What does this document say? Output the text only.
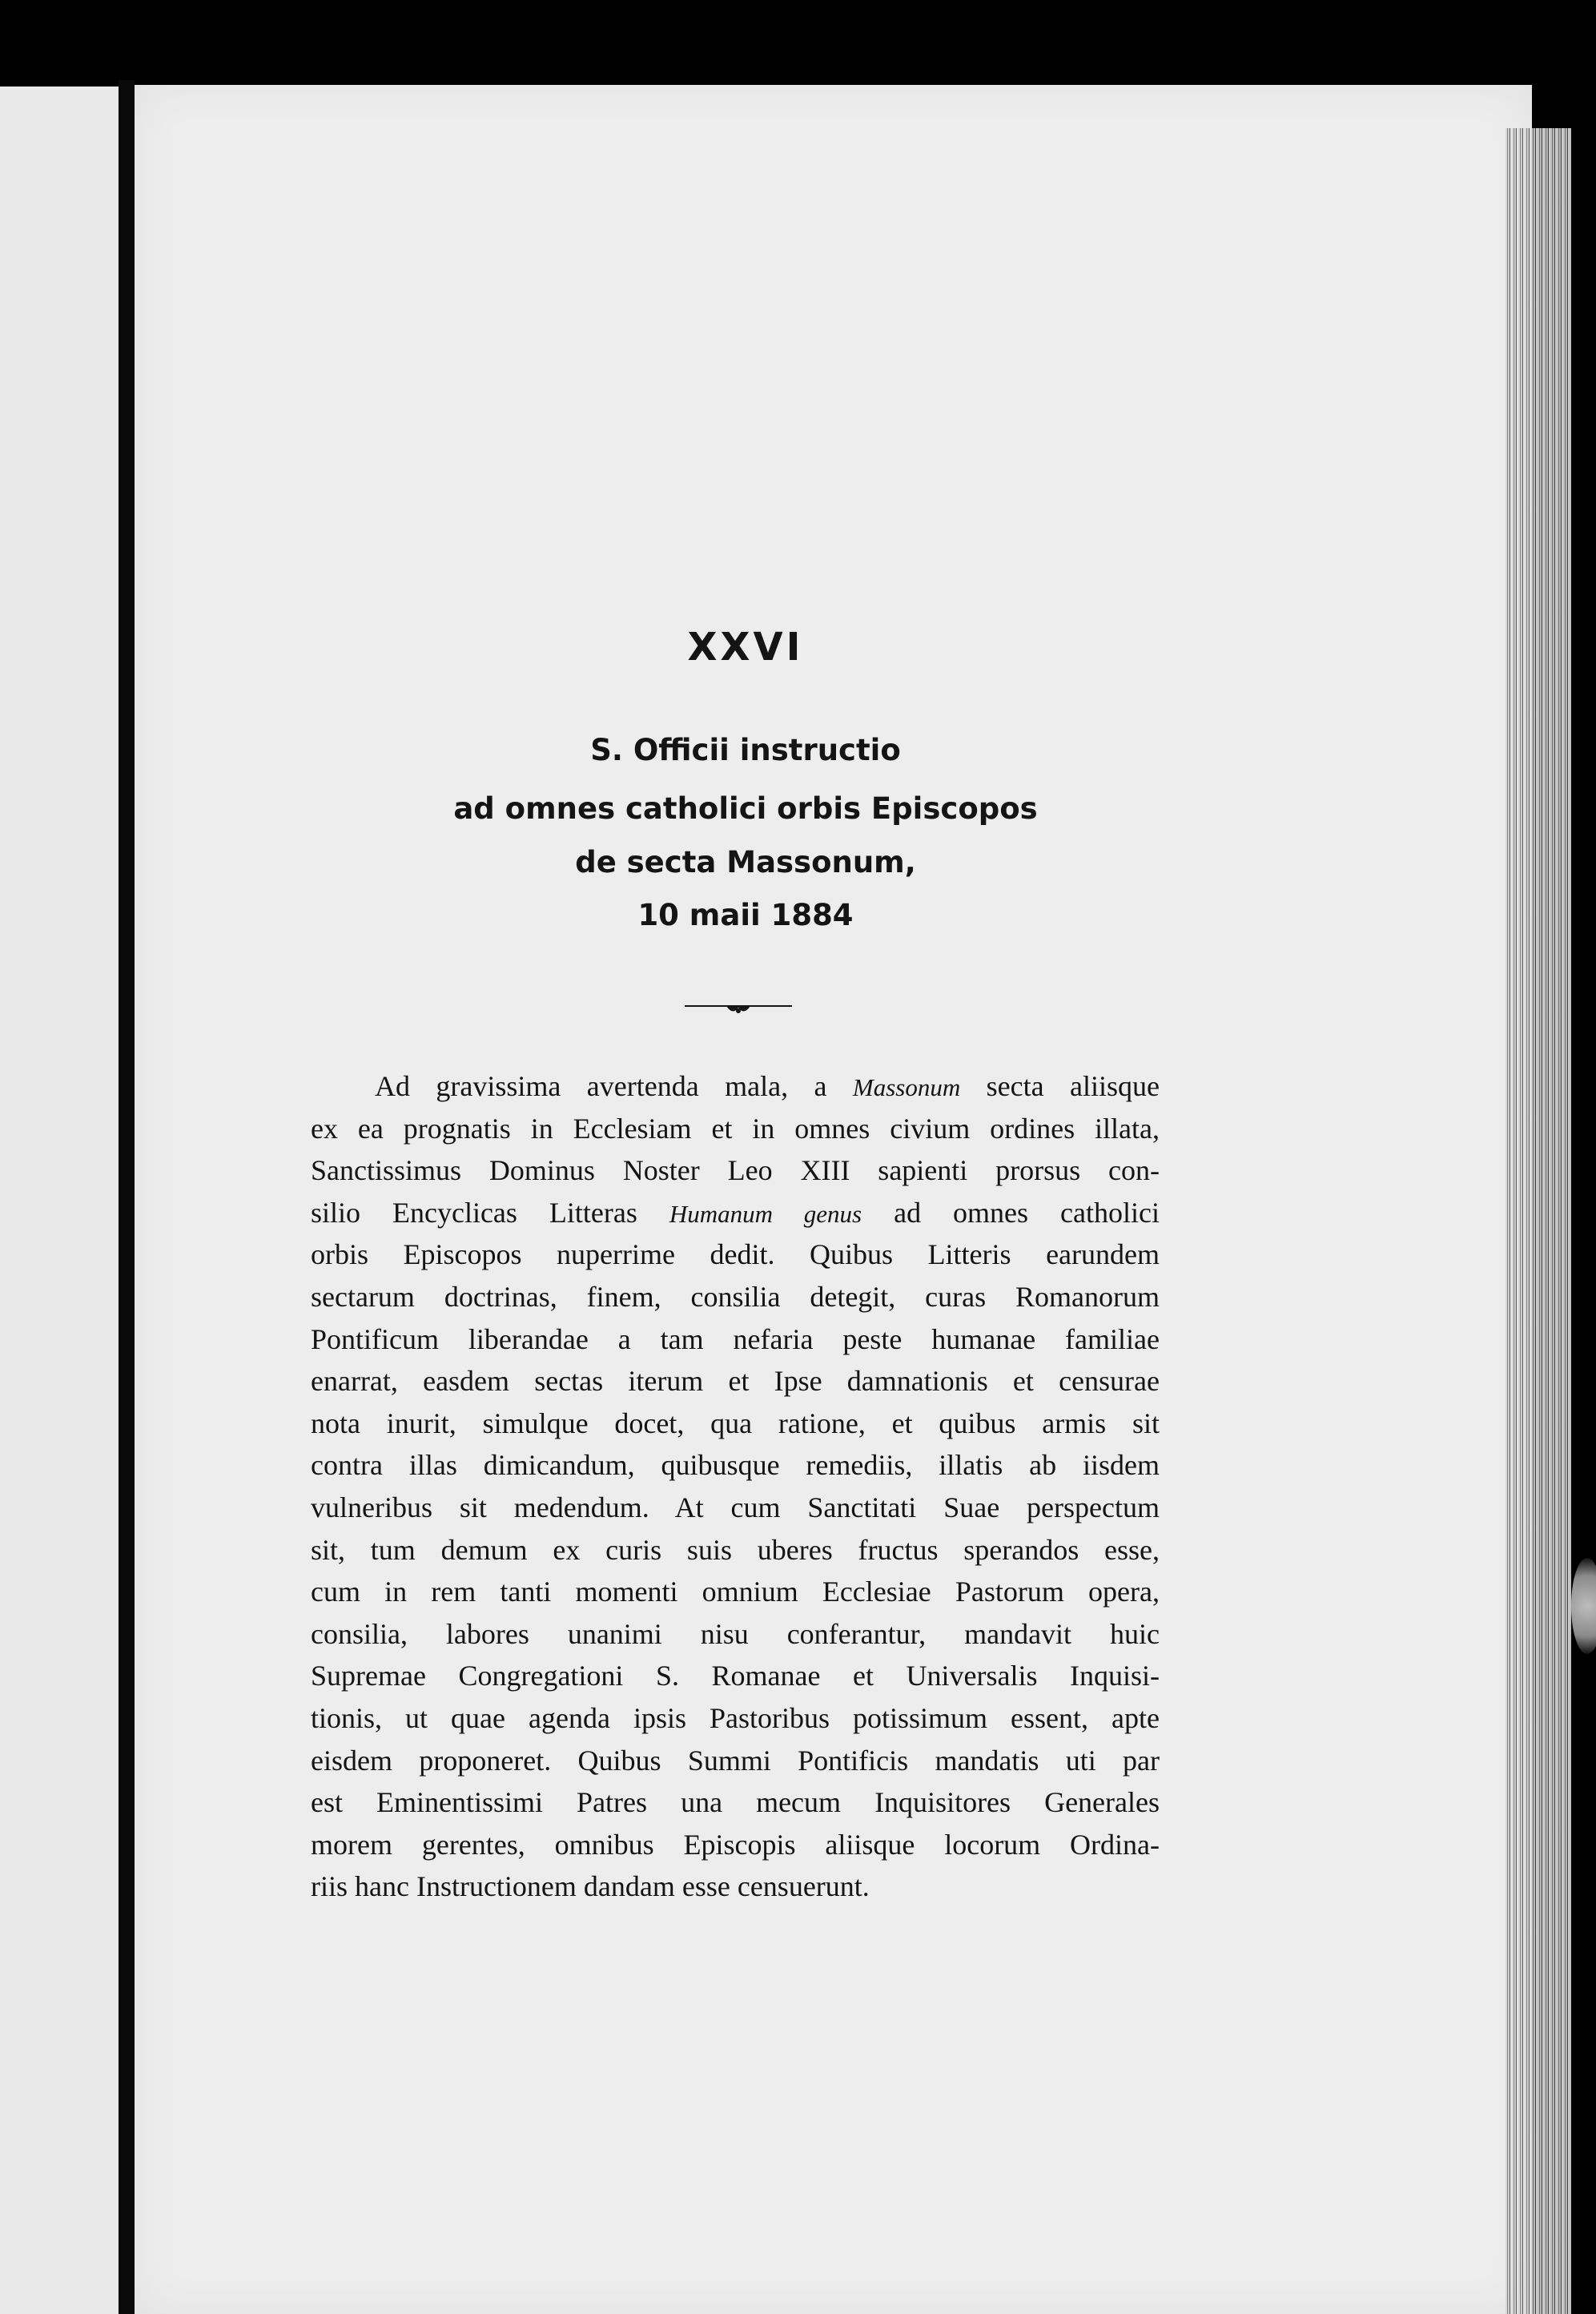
XXVI
S. Officii instructio
ad omnes catholici orbis Episcopos
de secta Massonum,
10 maii 1884
Ad gravissima avertenda mala, a Massonum secta aliisque
ex ea prognatis in Ecclesiam et in omnes civium ordines illata,
Sanctissimus Dominus Noster Leo XIII sapienti prorsus con-
silio Encyclicas Litteras Humanum genus ad omnes catholici
orbis Episcopos nuperrime dedit. Quibus Litteris earundem
sectarum doctrinas, finem, consilia detegit, curas Romanorum
Pontificum liberandae a tam nefaria peste humanae familiae
enarrat, easdem sectas iterum et Ipse damnationis et censurae
nota inurit, simulque docet, qua ratione, et quibus armis sit
contra illas dimicandum, quibusque remediis, illatis ab iisdem
vulneribus sit medendum. At cum Sanctitati Suae perspectum
sit, tum demum ex curis suis uberes fructus sperandos esse,
cum in rem tanti momenti omnium Ecclesiae Pastorum opera,
consilia, labores unanimi nisu conferantur, mandavit huic
Supremae Congregationi S. Romanae et Universalis Inquisi-
tionis, ut quae agenda ipsis Pastoribus potissimum essent, apte
eisdem proponeret. Quibus Summi Pontificis mandatis uti par
est Eminentissimi Patres una mecum Inquisitores Generales
morem gerentes, omnibus Episcopis aliisque locorum Ordina-
riis hanc Instructionem dandam esse censuerunt.
